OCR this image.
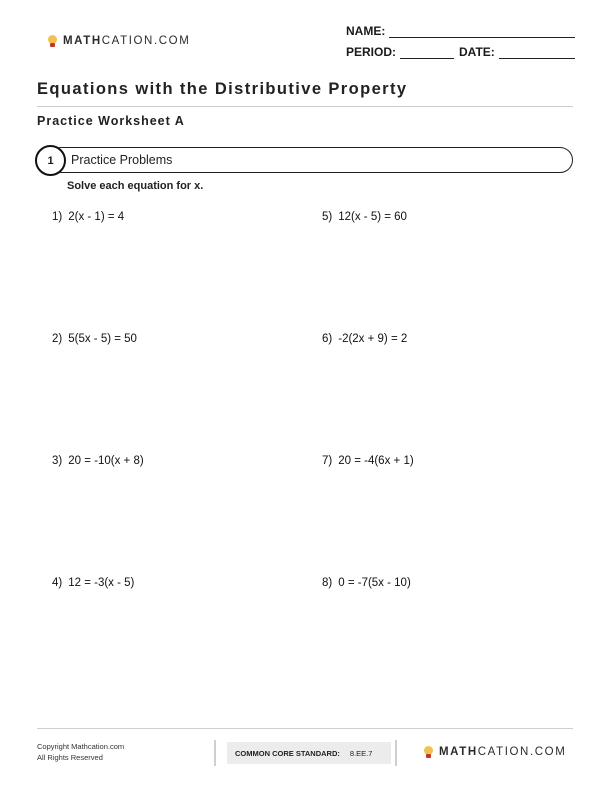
MATHCATION.COM
NAME:
PERIOD:	DATE:
Equations with the Distributive Property
Practice Worksheet A
1	Practice Problems
Solve each equation for x.
1) 2(x - 1) = 4
2) 5(5x - 5) = 50
3) 20 = -10(x + 8)
4) 12 = -3(x - 5)
5) 12(x - 5) = 60
6) -2(2x + 9) = 2
7) 20 = -4(6x + 1)
8) 0 = -7(5x - 10)
Copyright Mathcation.com
All Rights Reserved	COMMON CORE STANDARD: 8.EE.7	MATHCATION.COM
